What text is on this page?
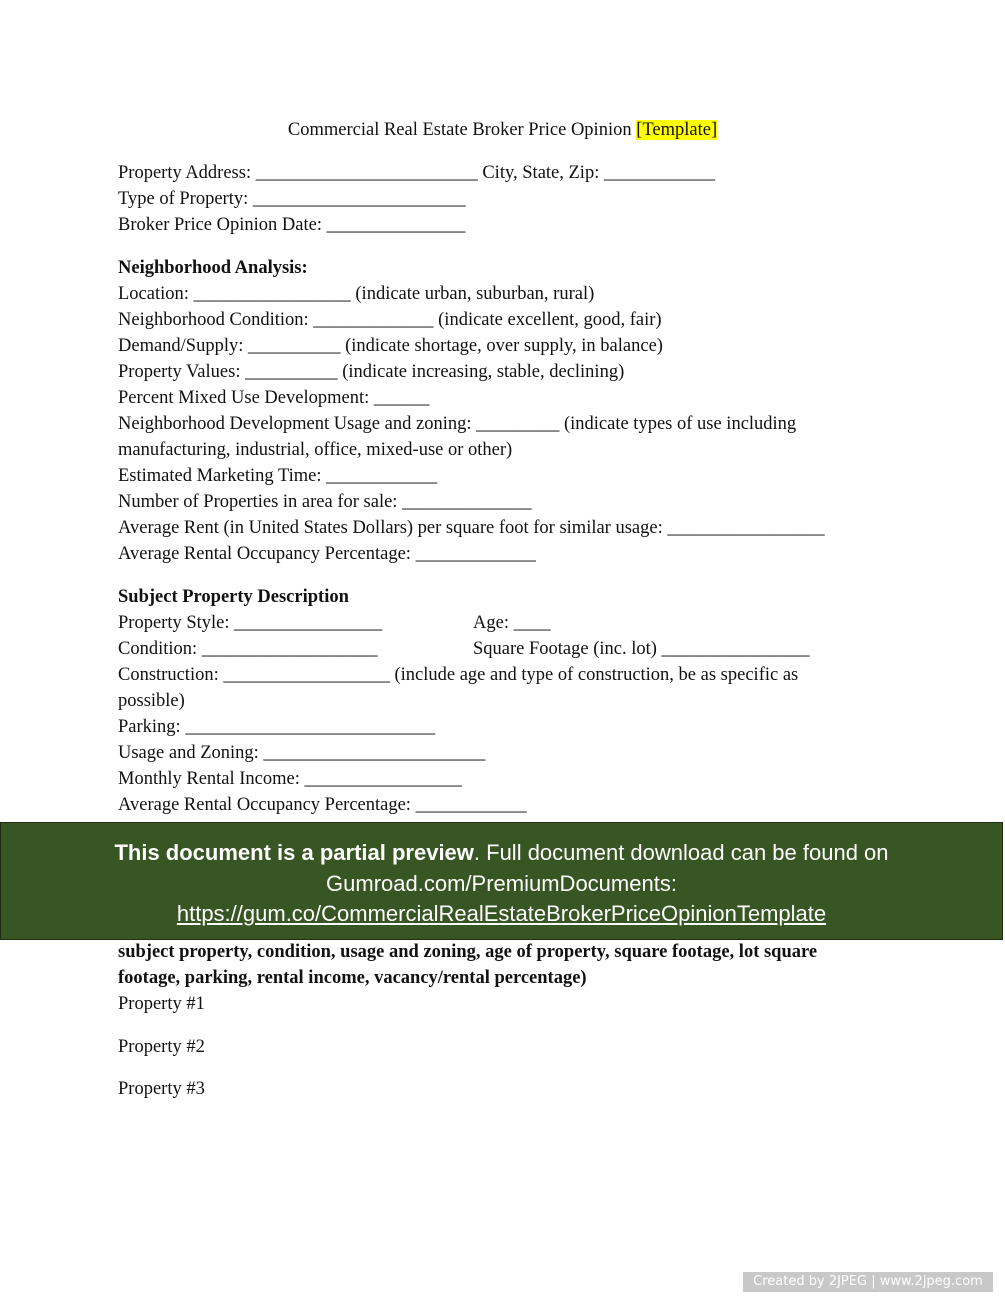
Commercial Real Estate Broker Price Opinion [Template]
Property Address: ________________________ City, State, Zip: ____________
Type of Property: _______________________
Broker Price Opinion Date: _______________
Neighborhood Analysis:
Location: _________________ (indicate urban, suburban, rural)
Neighborhood Condition: _____________ (indicate excellent, good, fair)
Demand/Supply: __________ (indicate shortage, over supply, in balance)
Property Values: __________ (indicate increasing, stable, declining)
Percent Mixed Use Development: ______
Neighborhood Development Usage and zoning: _________ (indicate types of use including
manufacturing, industrial, office, mixed-use or other)
Estimated Marketing Time: ____________
Number of Properties in area for sale: ______________
Average Rent (in United States Dollars) per square foot for similar usage: _________________
Average Rental Occupancy Percentage: _____________
Subject Property Description
Property Style: ________________	Age: ____
Condition: ___________________	Square Footage (inc. lot) ________________
Construction: __________________ (include age and type of construction, be as specific as
possible)
Parking: ___________________________
Usage and Zoning: ________________________
Monthly Rental Income: _________________
Average Rental Occupancy Percentage: ____________
This document is a partial preview. Full document download can be found on
Gumroad.com/PremiumDocuments:
https://gum.co/CommercialRealEstateBrokerPriceOpinionTemplate
subject property, condition, usage and zoning, age of property, square footage, lot square
footage, parking, rental income, vacancy/rental percentage)
Property #1
Property #2
Property #3
Created by 2JPEG | www.2jpeg.com
